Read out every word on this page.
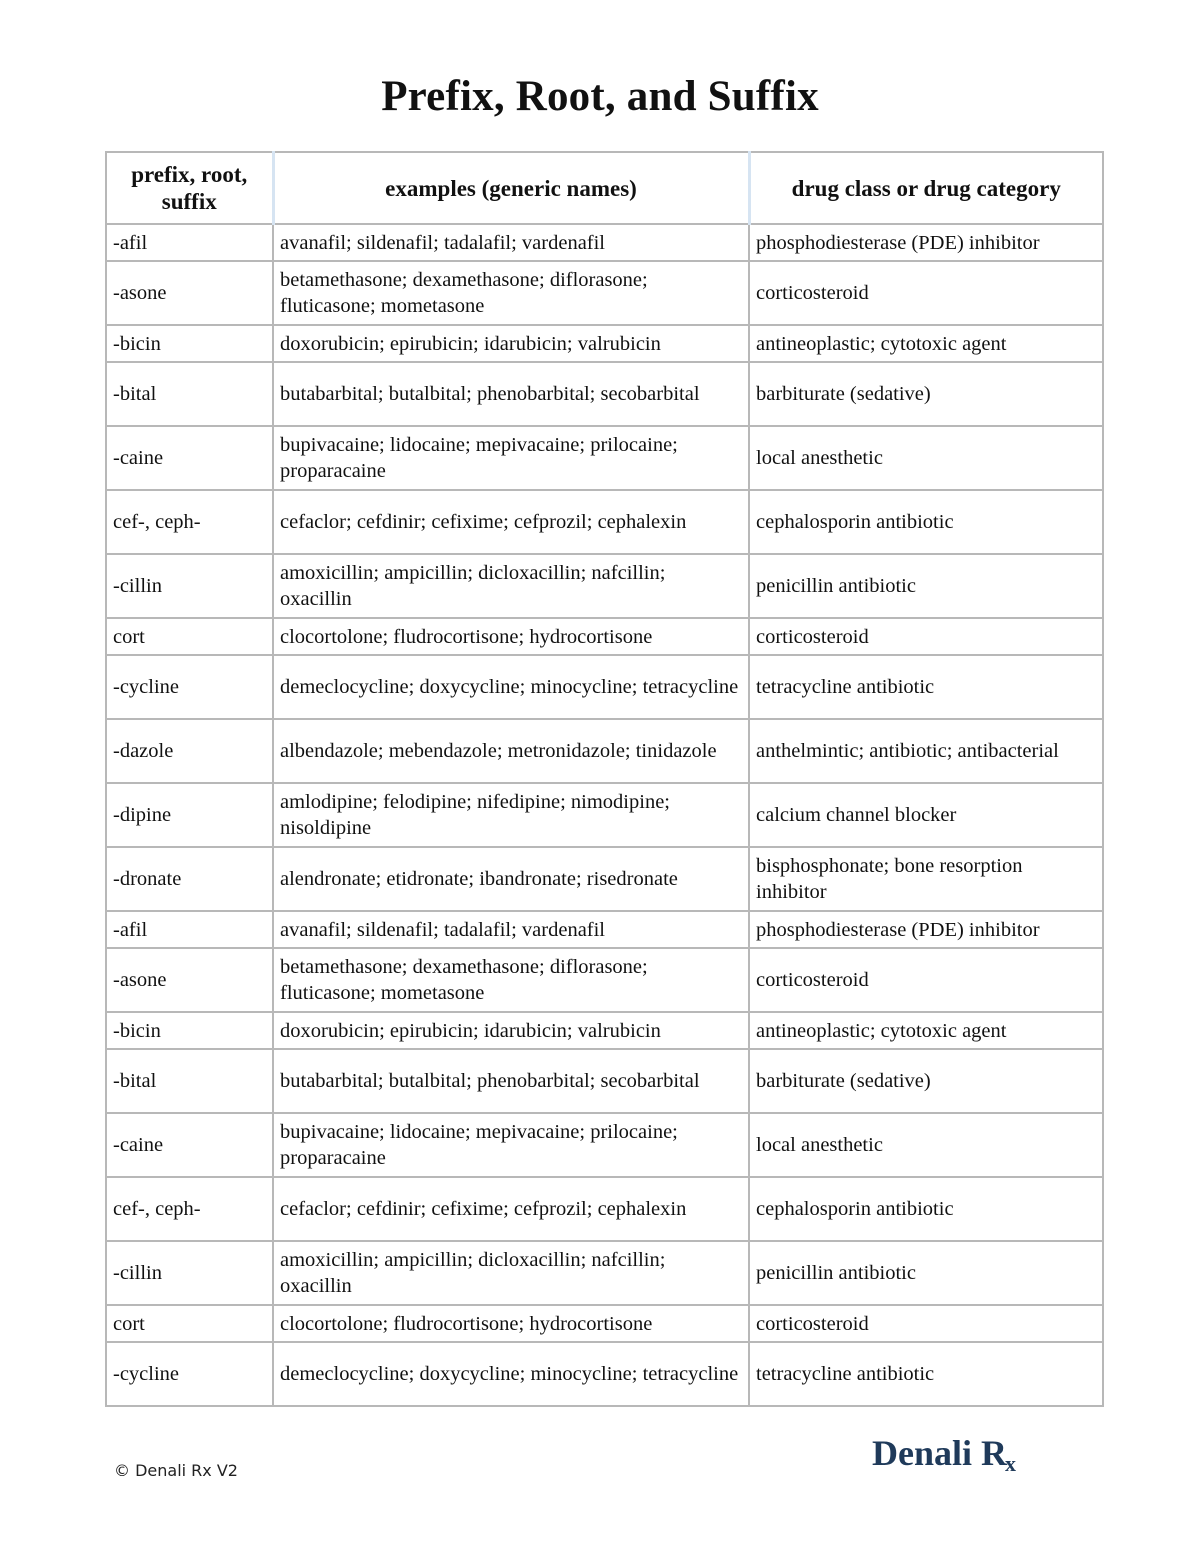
Prefix, Root, and Suffix
prefix, root, suffix	examples (generic names)	drug class or drug category
-afil	avanafil; sildenafil; tadalafil; vardenafil	phosphodiesterase (PDE) inhibitor
-asone	betamethasone; dexamethasone; diflorasone; fluticasone; mometasone	corticosteroid
-bicin	doxorubicin; epirubicin; idarubicin; valrubicin	antineoplastic; cytotoxic agent
-bital	butabarbital; butalbital; phenobarbital; secobarbital	barbiturate (sedative)
-caine	bupivacaine; lidocaine; mepivacaine; prilocaine; proparacaine	local anesthetic
cef-, ceph-	cefaclor; cefdinir; cefixime; cefprozil; cephalexin	cephalosporin antibiotic
-cillin	amoxicillin; ampicillin; dicloxacillin; nafcillin; oxacillin	penicillin antibiotic
cort	clocortolone; fludrocortisone; hydrocortisone	corticosteroid
-cycline	demeclocycline; doxycycline; minocycline; tetracycline	tetracycline antibiotic
-dazole	albendazole; mebendazole; metronidazole; tinidazole	anthelmintic; antibiotic; antibacterial
-dipine	amlodipine; felodipine; nifedipine; nimodipine; nisoldipine	calcium channel blocker
-dronate	alendronate; etidronate; ibandronate; risedronate	bisphosphonate; bone resorption inhibitor
-afil	avanafil; sildenafil; tadalafil; vardenafil	phosphodiesterase (PDE) inhibitor
-asone	betamethasone; dexamethasone; diflorasone; fluticasone; mometasone	corticosteroid
-bicin	doxorubicin; epirubicin; idarubicin; valrubicin	antineoplastic; cytotoxic agent
-bital	butabarbital; butalbital; phenobarbital; secobarbital	barbiturate (sedative)
-caine	bupivacaine; lidocaine; mepivacaine; prilocaine; proparacaine	local anesthetic
cef-, ceph-	cefaclor; cefdinir; cefixime; cefprozil; cephalexin	cephalosporin antibiotic
-cillin	amoxicillin; ampicillin; dicloxacillin; nafcillin; oxacillin	penicillin antibiotic
cort	clocortolone; fludrocortisone; hydrocortisone	corticosteroid
-cycline	demeclocycline; doxycycline; minocycline; tetracycline	tetracycline antibiotic
© Denali Rx V2	Denali Rx
